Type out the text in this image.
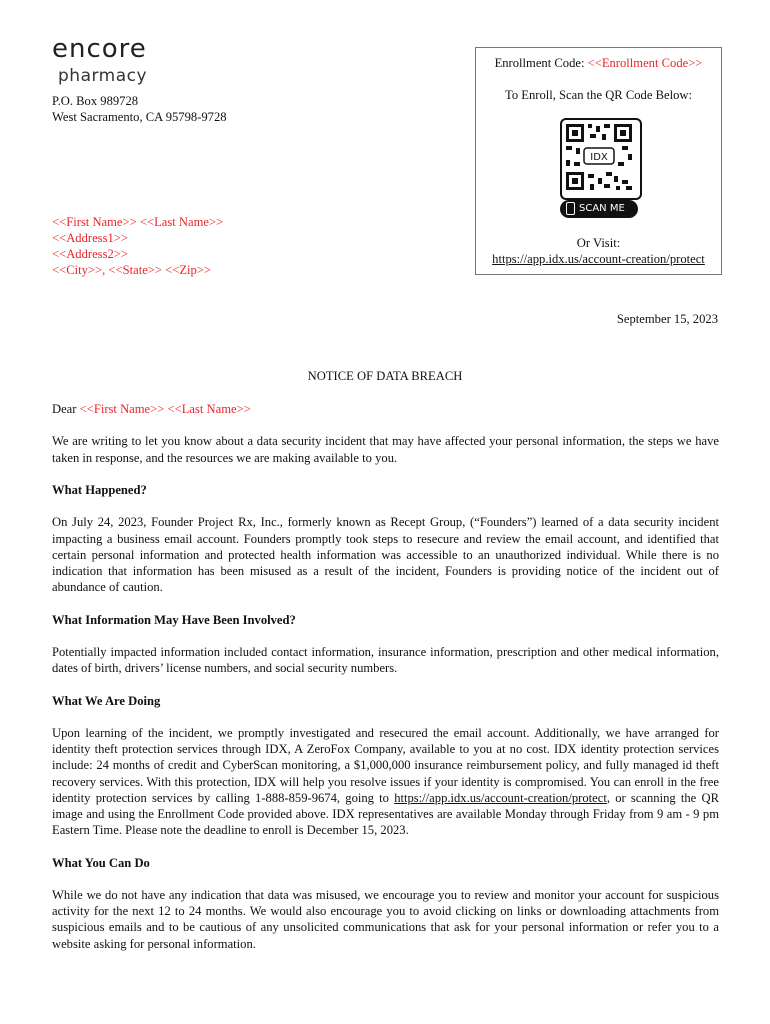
encore
pharmacy
P.O. Box 989728
West Sacramento, CA 95798-9728
<<First Name>> <<Last Name>>
<<Address1>>
<<Address2>>
<<City>>, <<State>> <<Zip>>
Enrollment Code: <<Enrollment Code>>
To Enroll, Scan the QR Code Below:
IDX
SCAN ME
Or Visit:
https://app.idx.us/account-creation/protect
September 15, 2023
NOTICE OF DATA BREACH

Dear <<First Name>> <<Last Name>>

We are writing to let you know about a data security incident that may have affected your personal information, the steps we have taken in response, and the resources we are making available to you.

What Happened?

On July 24, 2023, Founder Project Rx, Inc., formerly known as Recept Group, (“Founders”) learned of a data security incident impacting a business email account. Founders promptly took steps to resecure and review the email account, and identified that certain personal information and protected health information was accessible to an unauthorized individual. While there is no indication that information has been misused as a result of the incident, Founders is providing notice of the incident out of abundance of caution.

What Information May Have Been Involved?

Potentially impacted information included contact information, insurance information, prescription and other medical information, dates of birth, drivers’ license numbers, and social security numbers.

What We Are Doing

Upon learning of the incident, we promptly investigated and resecured the email account. Additionally, we have arranged for identity theft protection services through IDX, A ZeroFox Company, available to you at no cost. IDX identity protection services include: 24 months of credit and CyberScan monitoring, a $1,000,000 insurance reimbursement policy, and fully managed id theft recovery services. With this protection, IDX will help you resolve issues if your identity is compromised. You can enroll in the free identity protection services by calling 1-888-859-9674, going to https://app.idx.us/account-creation/protect, or scanning the QR image and using the Enrollment Code provided above. IDX representatives are available Monday through Friday from 9 am - 9 pm Eastern Time. Please note the deadline to enroll is December 15, 2023.

What You Can Do

While we do not have any indication that data was misused, we encourage you to review and monitor your account for suspicious activity for the next 12 to 24 months. We would also encourage you to avoid clicking on links or downloading attachments from suspicious emails and to be cautious of any unsolicited communications that ask for your personal information or refer you to a website asking for personal information.
